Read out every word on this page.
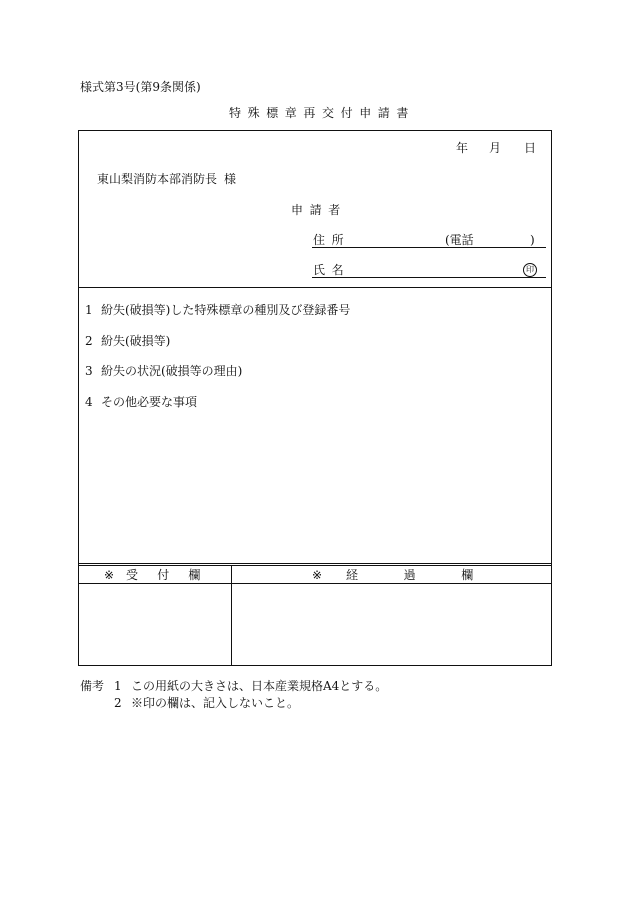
様式第3号(第9条関係)
特殊標章再交付申請書
年 月 日
東山梨消防本部消防長 様
申請者
住所	(電話	)
氏名	印
1 紛失(破損等)した特殊標章の種別及び登録番号
2 紛失(破損等)
3 紛失の状況(破損等の理由)
4 その他必要な事項
※ 受付欄	※ 経過欄
備考 1 この用紙の大きさは、日本産業規格A4とする。
2 ※印の欄は、記入しないこと。
